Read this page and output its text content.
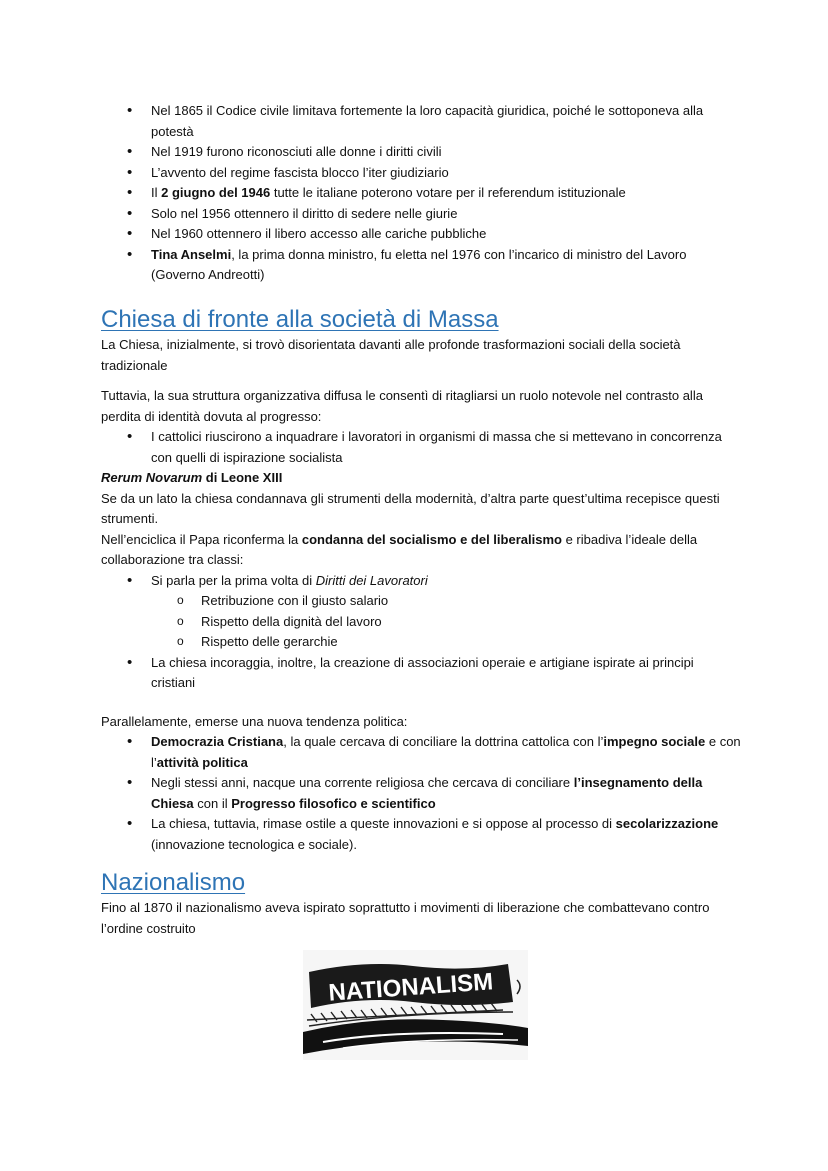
• Nel 1865 il Codice civile limitava fortemente la loro capacità giuridica, poiché le sottoponeva alla potestà
• Nel 1919 furono riconosciuti alle donne i diritti civili
• L’avvento del regime fascista blocco l’iter giudiziario
• Il 2 giugno del 1946 tutte le italiane poterono votare per il referendum istituzionale
• Solo nel 1956 ottennero il diritto di sedere nelle giurie
• Nel 1960 ottennero il libero accesso alle cariche pubbliche
• Tina Anselmi, la prima donna ministro, fu eletta nel 1976 con l’incarico di ministro del Lavoro (Governo Andreotti)
Chiesa di fronte alla società di Massa

La Chiesa, inizialmente, si trovò disorientata davanti alle profonde trasformazioni sociali della società tradizionale

Tuttavia, la sua struttura organizzativa diffusa le consentì di ritagliarsi un ruolo notevole nel contrasto alla perdita di identità dovuta al progresso:

• I cattolici riuscirono a inquadrare i lavoratori in organismi di massa che si mettevano in concorrenza con quelli di ispirazione socialista

Rerum Novarum di Leone XIII

Se da un lato la chiesa condannava gli strumenti della modernità, d’altra parte quest’ultima recepisce questi strumenti.

Nell’enciclica il Papa riconferma la condanna del socialismo e del liberalismo e ribadiva l’ideale della collaborazione tra classi:

• Si parla per la prima volta di Diritti dei Lavoratori
o Retribuzione con il giusto salario
o Rispetto della dignità del lavoro
o Rispetto delle gerarchie
• La chiesa incoraggia, inoltre, la creazione di associazioni operaie e artigiane ispirate ai principi cristiani

Parallelamente, emerse una nuova tendenza politica:

• Democrazia Cristiana, la quale cercava di conciliare la dottrina cattolica con l’impegno sociale e con l’attività politica
• Negli stessi anni, nacque una corrente religiosa che cercava di conciliare l’insegnamento della Chiesa con il Progresso filosofico e scientifico
• La chiesa, tuttavia, rimase ostile a queste innovazioni e si oppose al processo di secolarizzazione (innovazione tecnologica e sociale).
Nazionalismo

Fino al 1870 il nazionalismo aveva ispirato soprattutto i movimenti di liberazione che combattevano contro l’ordine costruito

NATIONALISM
